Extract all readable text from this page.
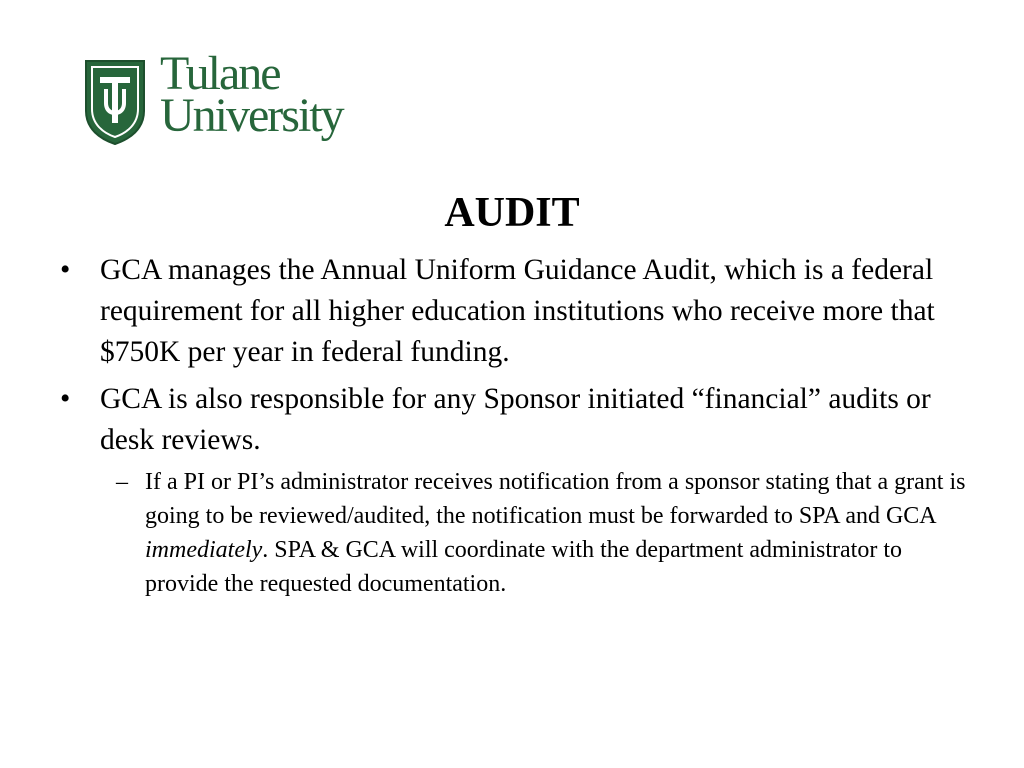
Tulane
University
AUDIT
• GCA manages the Annual Uniform Guidance Audit, which is a federal requirement for all higher education institutions who receive more that $750K per year in federal funding.
• GCA is also responsible for any Sponsor initiated “financial” audits or desk reviews.
– If a PI or PI’s administrator receives notification from a sponsor stating that a grant is going to be reviewed/audited, the notification must be forwarded to SPA and GCA immediately. SPA & GCA will coordinate with the department administrator to provide the requested documentation.
